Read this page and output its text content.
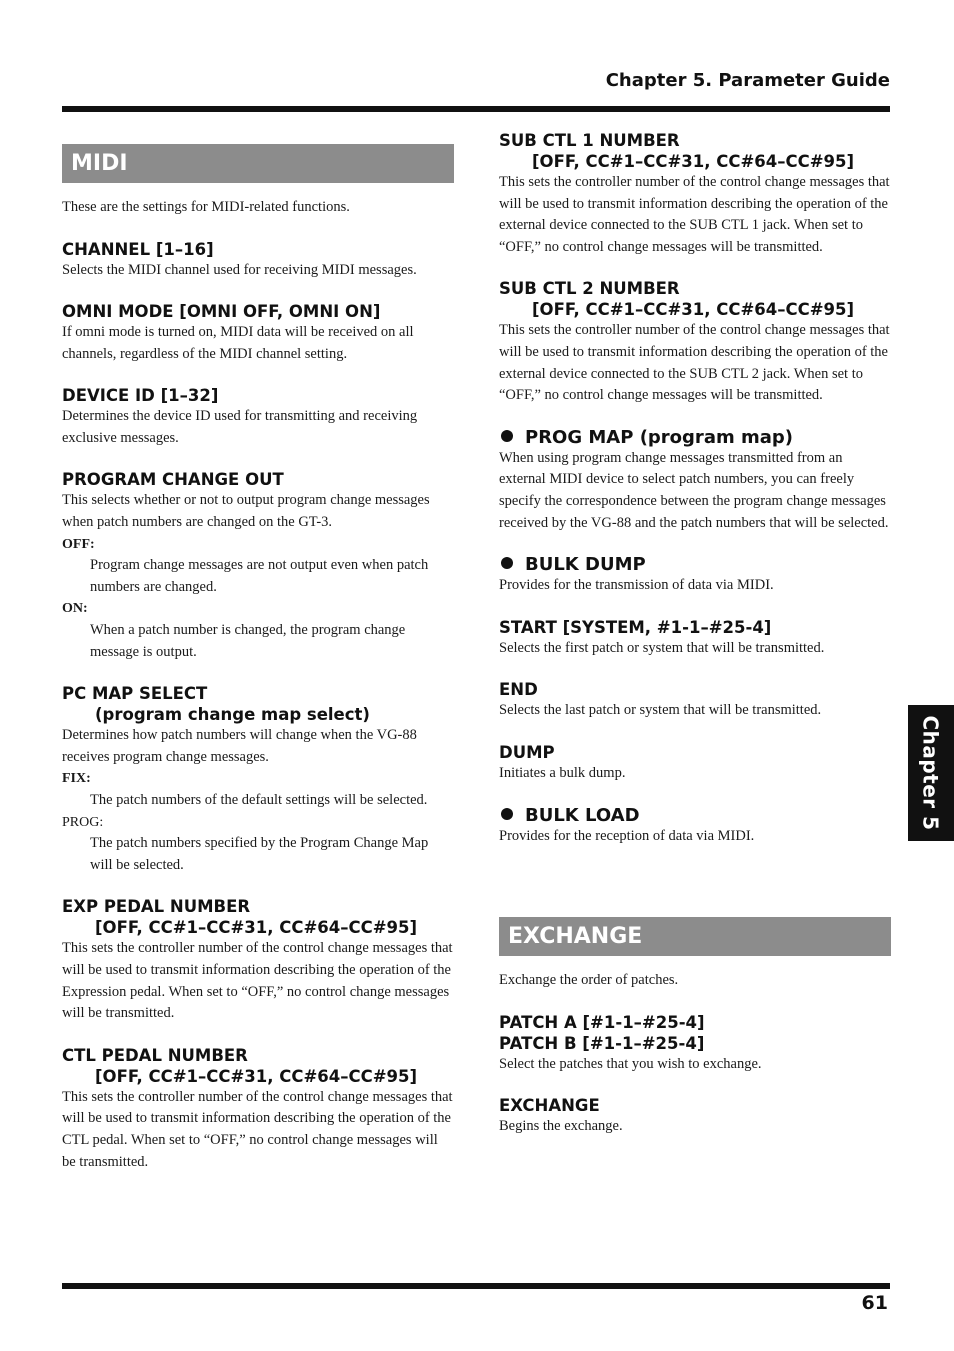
Chapter 5. Parameter Guide
Chapter 5
MIDI

These are the settings for MIDI-related functions.

CHANNEL [1–16]

Selects the MIDI channel used for receiving MIDI messages.

OMNI MODE [OMNI OFF, OMNI ON]

If omni mode is turned on, MIDI data will be received on all channels, regardless of the MIDI channel setting.

DEVICE ID [1–32]

Determines the device ID used for transmitting and receiving exclusive messages.

PROGRAM CHANGE OUT

This selects whether or not to output program change messages when patch numbers are changed on the GT-3.

OFF:

Program change messages are not output even when patch numbers are changed.

ON:

When a patch number is changed, the program change message is output.

PC MAP SELECT
(program change map select)

Determines how patch numbers will change when the VG-88 receives program change messages.

FIX:

The patch numbers of the default settings will be selected.

PROG:

The patch numbers specified by the Program Change Map will be selected.

EXP PEDAL NUMBER
[OFF, CC#1–CC#31, CC#64–CC#95]

This sets the controller number of the control change messages that will be used to transmit information describing the operation of the Expression pedal. When set to “OFF,” no control change messages will be transmitted.

CTL PEDAL NUMBER
[OFF, CC#1–CC#31, CC#64–CC#95]

This sets the controller number of the control change messages that will be used to transmit information describing the operation of the CTL pedal. When set to “OFF,” no control change messages will be transmitted.

SUB CTL 1 NUMBER
[OFF, CC#1–CC#31, CC#64–CC#95]

This sets the controller number of the control change messages that will be used to transmit information describing the operation of the external device connected to the SUB CTL 1 jack. When set to “OFF,” no control change messages will be transmitted.

SUB CTL 2 NUMBER
[OFF, CC#1–CC#31, CC#64–CC#95]

This sets the controller number of the control change messages that will be used to transmit information describing the operation of the external device connected to the SUB CTL 2 jack. When set to “OFF,” no control change messages will be transmitted.

PROG MAP (program map)

When using program change messages transmitted from an external MIDI device to select patch numbers, you can freely specify the correspondence between the program change messages received by the VG-88 and the patch numbers that will be selected.

BULK DUMP

Provides for the transmission of data via MIDI.

START [SYSTEM, #1-1–#25-4]

Selects the first patch or system that will be transmitted.

END

Selects the last patch or system that will be transmitted.

DUMP

Initiates a bulk dump.

BULK LOAD

Provides for the reception of data via MIDI.

EXCHANGE

Exchange the order of patches.

PATCH A [#1-1–#25-4]
PATCH B [#1-1–#25-4]

Select the patches that you wish to exchange.

EXCHANGE

Begins the exchange.

61
